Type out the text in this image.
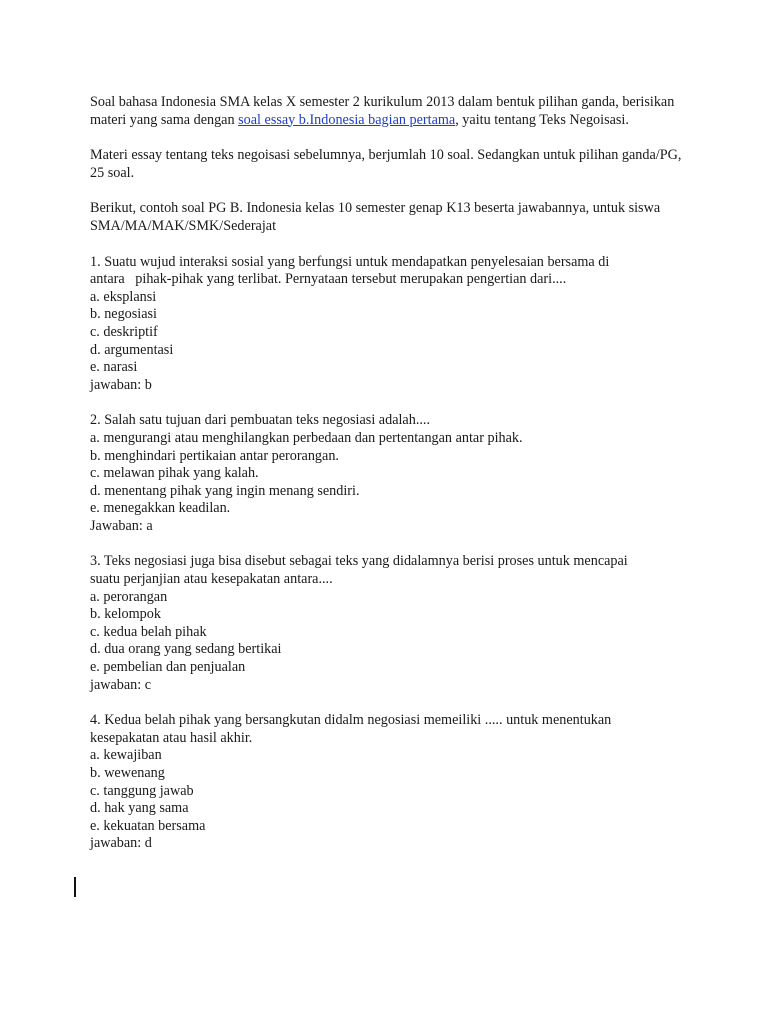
Soal bahasa Indonesia SMA kelas X semester 2 kurikulum 2013 dalam bentuk pilihan ganda, berisikan materi yang sama dengan soal essay b.Indonesia bagian pertama, yaitu tentang Teks Negoisasi.

Materi essay tentang teks negoisasi sebelumnya, berjumlah 10 soal. Sedangkan untuk pilihan ganda/PG, 25 soal.

Berikut, contoh soal PG B. Indonesia kelas 10 semester genap K13 beserta jawabannya, untuk siswa SMA/MA/MAK/SMK/Sederajat

1. Suatu wujud interaksi sosial yang berfungsi untuk mendapatkan penyelesaian bersama di
antara   pihak-pihak yang terlibat. Pernyataan tersebut merupakan pengertian dari....
a. eksplansi
b. negosiasi
c. deskriptif
d. argumentasi
e. narasi
jawaban: b
2. Salah satu tujuan dari pembuatan teks negosiasi adalah....
a. mengurangi atau menghilangkan perbedaan dan pertentangan antar pihak.
b. menghindari pertikaian antar perorangan.
c. melawan pihak yang kalah.
d. menentang pihak yang ingin menang sendiri.
e. menegakkan keadilan.
Jawaban: a
3. Teks negosiasi juga bisa disebut sebagai teks yang didalamnya berisi proses untuk mencapai
suatu perjanjian atau kesepakatan antara....
a. perorangan
b. kelompok
c. kedua belah pihak
d. dua orang yang sedang bertikai
e. pembelian dan penjualan
jawaban: c
4. Kedua belah pihak yang bersangkutan didalm negosiasi memeiliki ..... untuk menentukan
kesepakatan atau hasil akhir.
a. kewajiban
b. wewenang
c. tanggung jawab
d. hak yang sama
e. kekuatan bersama
jawaban: d
